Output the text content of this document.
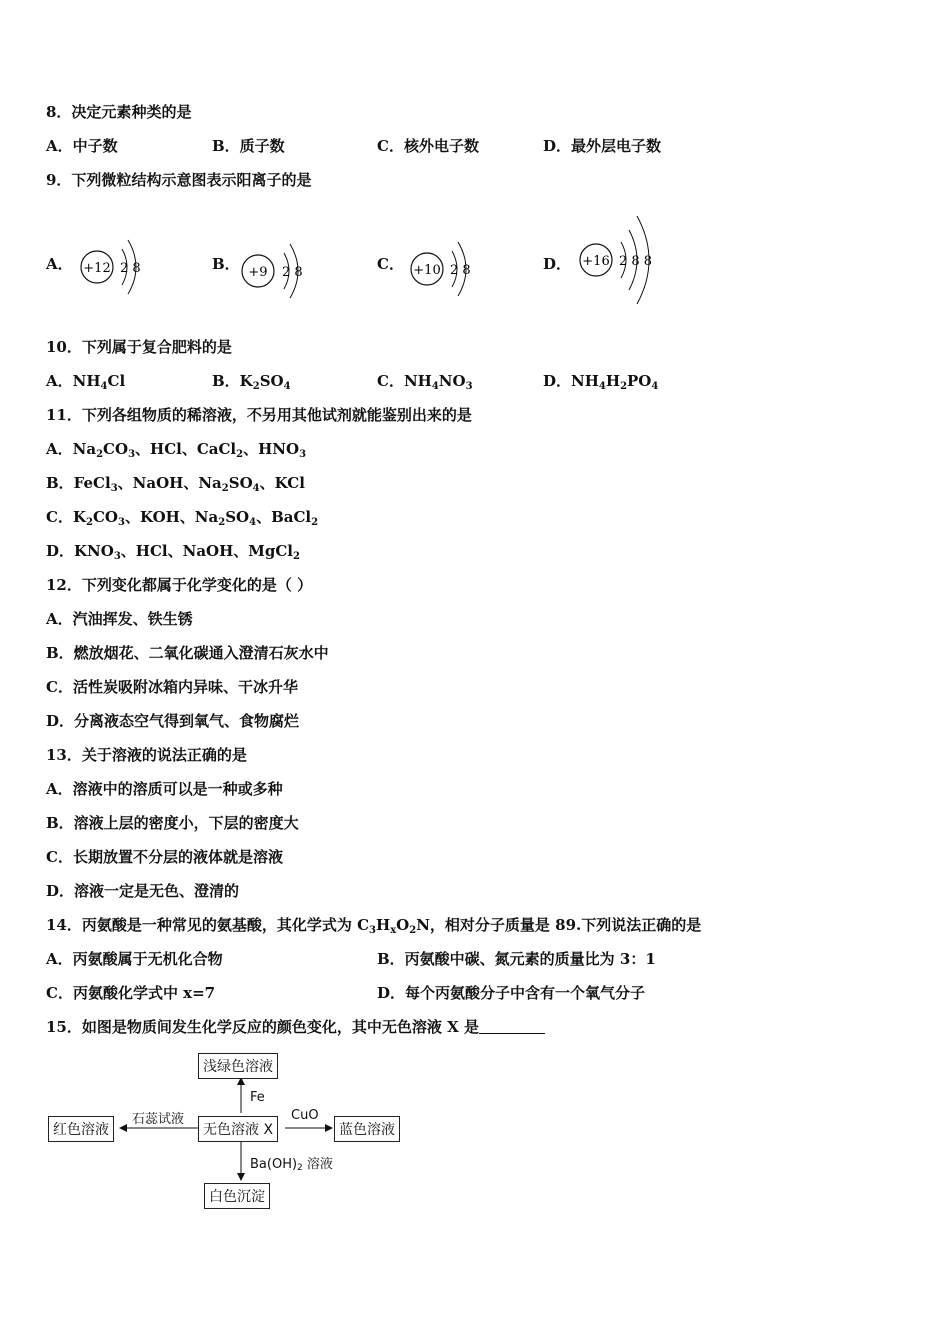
8．决定元素种类的是
A．中子数	B．质子数	C．核外电子数	D．最外层电子数
9．下列微粒结构示意图表示阳离子的是
A． +12 2 8	B． +9 2 8	C． +10 2 8	D． +16 2 8 8
10．下列属于复合肥料的是
A．$NH_4Cl$	B．$K_2SO_4$	C．$NH_4NO_3$	D．$NH_4H_2PO_4$
11．下列各组物质的稀溶液，不另用其他试剂就能鉴别出来的是
A．$Na_2CO_3$、HCl、CaCl$_2$、$HNO_3$
B．FeCl$_3$、NaOH、$Na_2SO_4$、KCl
C．$K_2CO_3$、KOH、$Na_2SO_4$、BaCl$_2$
D．$KNO_3$、HCl、NaOH、MgCl$_2$
12．下列变化都属于化学变化的是（ ）
A．汽油挥发、铁生锈
B．燃放烟花、二氧化碳通入澄清石灰水中
C．活性炭吸附冰箱内异味、干冰升华
D．分离液态空气得到氧气、食物腐烂
13．关于溶液的说法正确的是
A．溶液中的溶质可以是一种或多种
B．溶液上层的密度小，下层的密度大
C．长期放置不分层的液体就是溶液
D．溶液一定是无色、澄清的
14．丙氨酸是一种常见的氨基酸，其化学式为 $C_3H_xO_2N$，相对分子质量是 89.下列说法正确的是
A．丙氨酸属于无机化合物	B．丙氨酸中碳、氮元素的质量比为 3：1
C．丙氨酸化学式中 x=7	D．每个丙氨酸分子中含有一个氧气分子
15．如图是物质间发生化学反应的颜色变化，其中无色溶液 X 是
浅绿色溶液
红色溶液	无色溶液 X	蓝色溶液
白色沉淀
Fe
石蕊试液	CuO
Ba(OH)2 溶液
